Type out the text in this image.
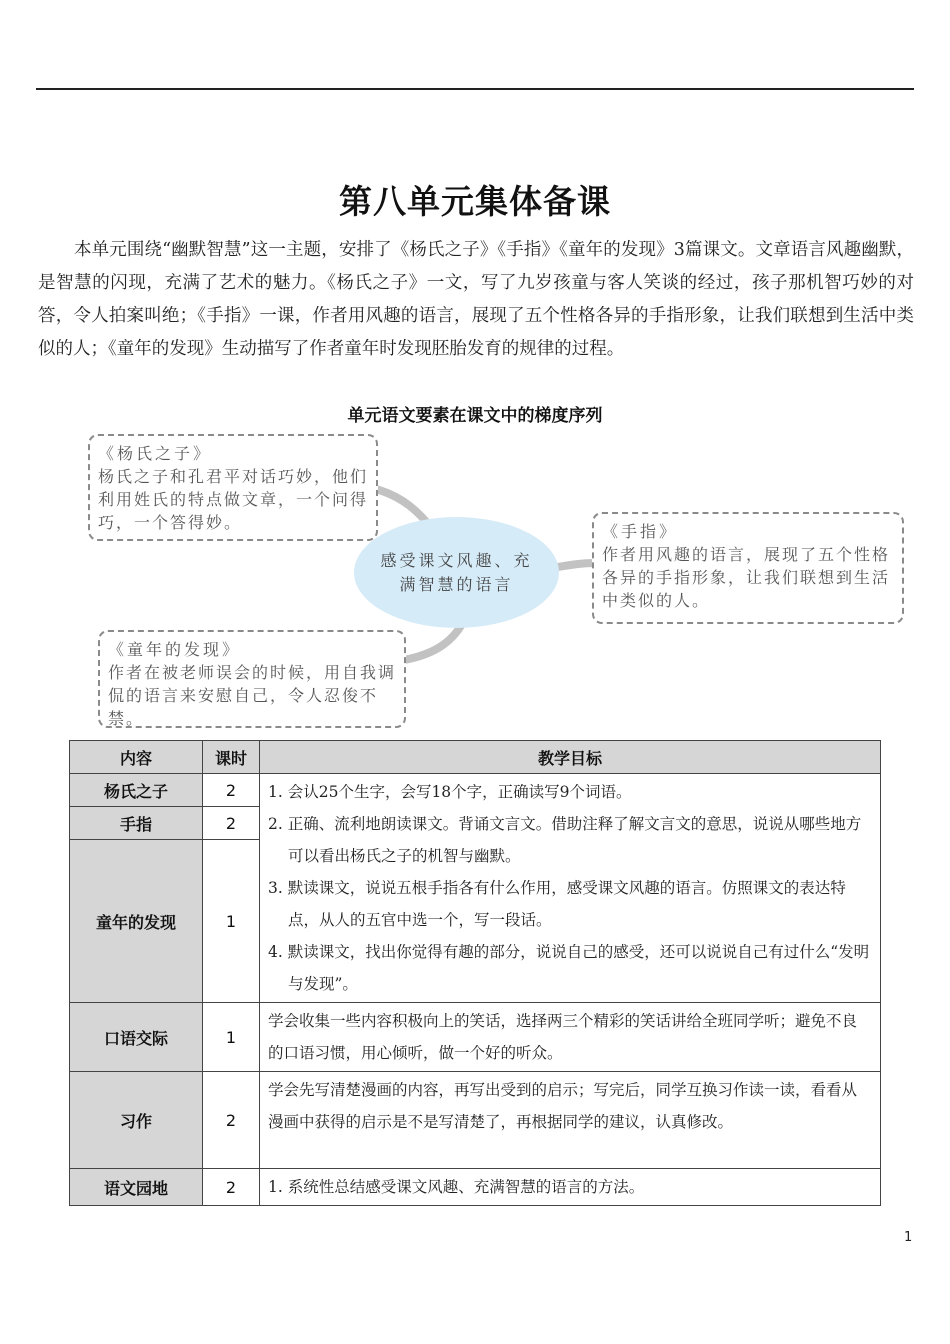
第八单元集体备课

本单元围绕“幽默智慧”这一主题，安排了《杨氏之子》《手指》《童年的发现》3篇课文。文章语言风趣幽默，是智慧的闪现，充满了艺术的魅力。《杨氏之子》一文，写了九岁孩童与客人笑谈的经过，孩子那机智巧妙的对答，令人拍案叫绝；《手指》一课，作者用风趣的语言，展现了五个性格各异的手指形象，让我们联想到生活中类似的人；《童年的发现》生动描写了作者童年时发现胚胎发育的规律的过程。

单元语文要素在课文中的梯度序列
《杨氏之子》
杨氏之子和孔君平对话巧妙，他们利用姓氏的特点做文章，一个问得巧，一个答得妙。
感受课文风趣、充满智慧的语言
《手指》
作者用风趣的语言，展现了五个性格各异的手指形象，让我们联想到生活中类似的人。
《童年的发现》
作者在被老师误会的时候，用自我调侃的语言来安慰自己，令人忍俊不禁。
内容	课时	教学目标
杨氏之子	2	1. 会认25个生字，会写18个字，正确读写9个词语。
2. 正确、流利地朗读课文。背诵文言文。借助注释了解文言文的意思，说说从哪些地方可以看出杨氏之子的机智与幽默。
3. 默读课文，说说五根手指各有什么作用，感受课文风趣的语言。仿照课文的表达特点，从人的五官中选一个，写一段话。
4. 默读课文，找出你觉得有趣的部分，说说自己的感受，还可以说说自己有过什么“发明与发现”。

手指	2	
童年的发现	1	
口语交际	1	学会收集一些内容积极向上的笑话，选择两三个精彩的笑话讲给全班同学听；避免不良的口语习惯，用心倾听，做一个好的听众。

习作	2	学会先写清楚漫画的内容，再写出受到的启示；写完后，同学互换习作读一读，看看从漫画中获得的启示是不是写清楚了，再根据同学的建议，认真修改。

语文园地	2	1. 系统性总结感受课文风趣、充满智慧的语言的方法。

1
